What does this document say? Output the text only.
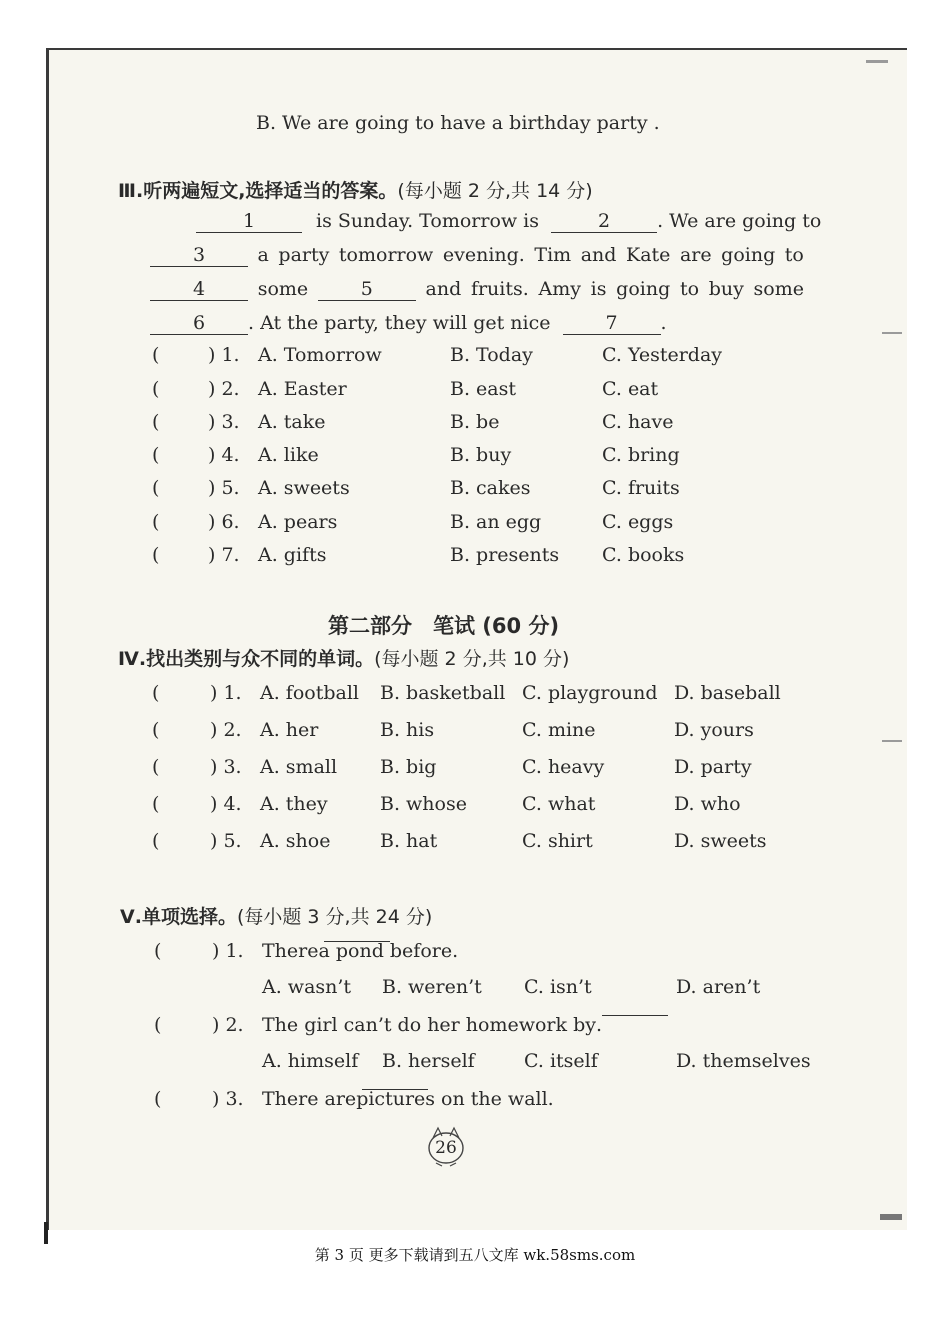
B. We are going to have a birthday party .
Ⅲ.听两遍短文,选择适当的答案。(每小题 2 分,共 14 分)
1	is Sunday. Tomorrow is	2 . We are going to
3	a party tomorrow evening. Tim and Kate are going to
4	some	5	and fruits. Amy is going to buy some
6 . At the party, they will get nice	7 .
(	) 1. A. Tomorrow	B. Today	C. Yesterday
(	) 2. A. Easter	B. east	C. eat
(	) 3. A. take	B. be	C. have
(	) 4. A. like	B. buy	C. bring
(	) 5. A. sweets	B. cakes	C. fruits
(	) 6. A. pears	B. an egg	C. eggs
(	) 7. A. gifts	B. presents C. books
第二部分　笔试 (60 分)
Ⅳ.找出类别与众不同的单词。(每小题 2 分,共 10 分)
(	) 1. A. football B. basketball C. playground D. baseball
(	) 2. A. her	B. his	C. mine	D. yours
(	) 3. A. small B. big	C. heavy	D. party
(	) 4. A. they	B. whose	C. what	D. who
(	) 5. A. shoe	B. hat	C. shirt	D. sweets
Ⅴ.单项选择。(每小题 3 分,共 24 分)
(	) 1. There
a pond before.
A. wasn’t B. weren’t C. isn’t	D. aren’t
(	) 2. The girl can’t do her homework by
.
A. himself B. herself	C. itself	D. themselves
(	) 3. There are
pictures on the wall.
26
第 3 页 更多下载请到五八文库 wk.58sms.com
